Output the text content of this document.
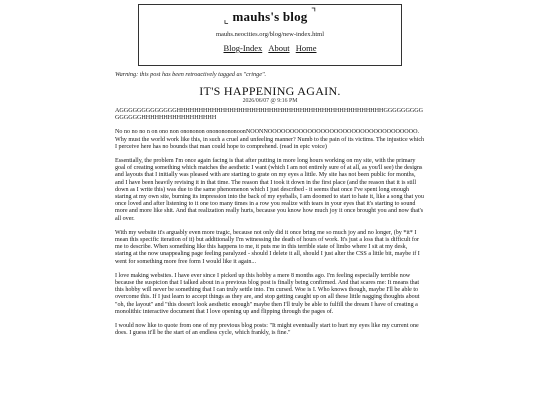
⌞ mauhs's blog ⌝
mauhs.neocities.org/blog/new-index.html
Blog-Index About Home
Warning: this post has been retroactively tagged as "cringe".
IT'S HAPPENING AGAIN.
2026/06/07 @ 9:16 PM

AGGGGGGGGGGGGGHHHHHHHHHHHHHHHHHHHHHHHHHHHHHHHHHHHHHHHHHHHHHHHGGGGGGGGGGGGGGGHHHHHHHHHHHHHHHHH

No no no no n on ono non onononon onononononoonNOONNOOOOOOOOOOOOOOOOOOOOOOOOOOOOOOOOOO. Why must the world work like this, in such a cruel and unfeeling manner? Numb to the pain of its victims. The injustice which I perceive here has no bounds that man could hope to comprehend. (read in epic voice)

Essentially, the problem I'm once again facing is that after putting in more long hours working on my site, with the primary goal of creating something which matches the aesthetic I want (which I am not entirely sure of at all, as you'll see) the designs and layouts that I initially was pleased with are starting to grate on my eyes a little. My site has not been public for months, and I have been heavily revising it in that time. The reason that I took it down in the first place (and the reason that it is still down as I write this) was due to the same phenomenon which I just described - it seems that once I've spent long enough staring at my own site, burning its impression into the back of my eyeballs, I am doomed to start to hate it, like a song that you once loved and after listening to it one too many times in a row you realize with tears in your eyes that it's starting to sound more and more like shit. And that realization really hurts, because you know how much joy it once brought you and now that's all over.

With my website it's arguably even more tragic, because not only did it once bring me so much joy and no longer, (by *it* I mean this specific iteration of it) but additionally I'm witnessing the death of hours of work. It's just a loss that is difficult for me to describe. When something like this happens to me, it puts me in this terrible state of limbo where I sit at my desk, staring at the now unappealing page feeling paralyzed - should I delete it all, should I just alter the CSS a little bit, maybe if I went for something more free form I would like it again...

I love making websites. I have ever since I picked up this hobby a mere 8 months ago. I'm feeling especially terrible now because the suspicion that I talked about in a previous blog post is finally being confirmed. And that scares me: It means that this hobby will never be something that I can truly settle into. I'm cursed. Woe is I. Who knows though, maybe I'll be able to overcome this. If I just learn to accept things as they are, and stop getting caught up on all these little nagging thoughts about "oh, the layout" and "this doesn't look aesthetic enough" maybe then I'll truly be able to fulfill the dream I have of creating a monolithic interactive document that I love opening up and flipping through the pages of.

I would now like to quote from one of my previous blog posts: "It might eventually start to hurt my eyes like my current one does. I guess it'll be the start of an endless cycle, which frankly, is fine."
